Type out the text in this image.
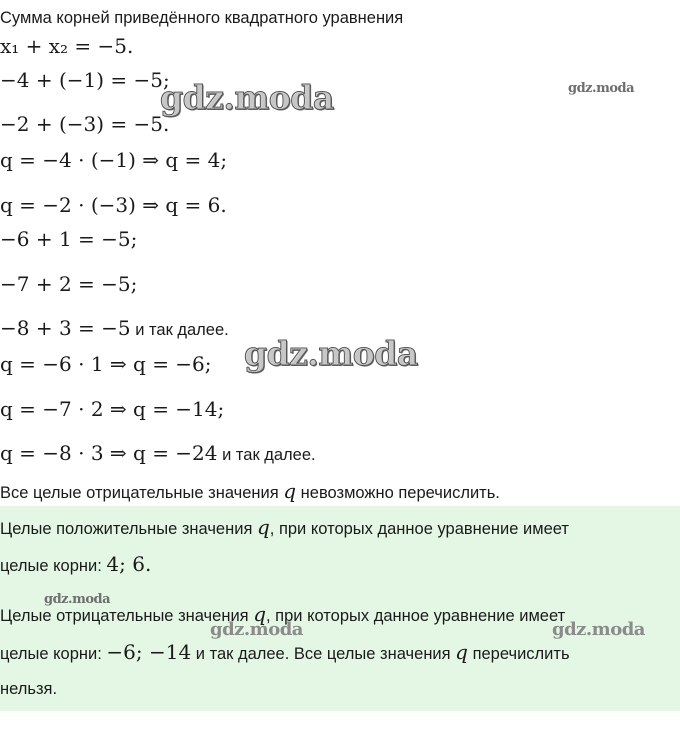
Сумма корней приведённого квадратного уравнения
x₁ + x₂ = −5.
−4 + (−1) = −5;
−2 + (−3) = −5.
q = −4 · (−1) ⇒ q = 4;
q = −2 · (−3) ⇒ q = 6.
−6 + 1 = −5;
−7 + 2 = −5;
−8 + 3 = −5 и так далее.
q = −6 · 1 ⇒ q = −6;
q = −7 · 2 ⇒ q = −14;
q = −8 · 3 ⇒ q = −24 и так далее.
Все целые отрицательные значения q невозможно перечислить.
Целые положительные значения q, при которых данное уравнение имеет
целые корни: 4; 6.
Целые отрицательные значения q, при которых данное уравнение имеет
целые корни: −6; −14 и так далее. Все целые значения q перечислить
нельзя.
gdz.moda	gdz.moda
gdz.moda
gdz.moda
gdz.moda	gdz.moda
